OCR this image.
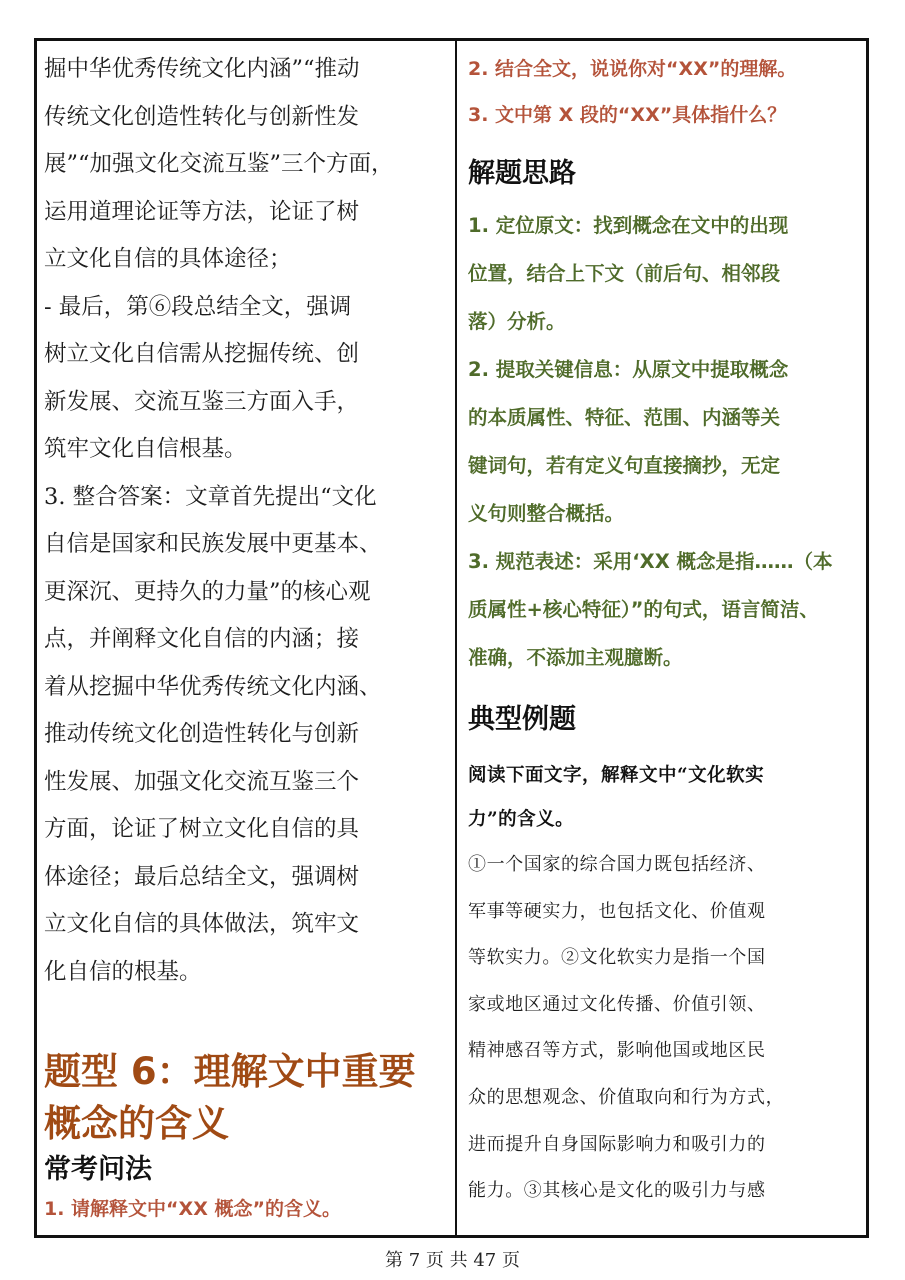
掘中华优秀传统文化内涵”“推动

传统文化创造性转化与创新性发

展”“加强文化交流互鉴”三个方面，

运用道理论证等方法，论证了树

立文化自信的具体途径；

- 最后，第⑥段总结全文，强调

树立文化自信需从挖掘传统、创

新发展、交流互鉴三方面入手，

筑牢文化自信根基。

3. 整合答案：文章首先提出“文化

自信是国家和民族发展中更基本、

更深沉、更持久的力量”的核心观

点，并阐释文化自信的内涵；接

着从挖掘中华优秀传统文化内涵、

推动传统文化创造性转化与创新

性发展、加强文化交流互鉴三个

方面，论证了树立文化自信的具

体途径；最后总结全文，强调树

立文化自信的具体做法，筑牢文

化自信的根基。

题型 6：理解文中重要

概念的含义

常考问法

1. 请解释文中“XX 概念”的含义。

2. 结合全文，说说你对“XX”的理解。

3. 文中第 X 段的“XX”具体指什么？

解题思路

1. 定位原文：找到概念在文中的出现

位置，结合上下文（前后句、相邻段

落）分析。

2. 提取关键信息：从原文中提取概念

的本质属性、特征、范围、内涵等关

键词句，若有定义句直接摘抄，无定

义句则整合概括。

3. 规范表述：采用‘XX 概念是指……（本

质属性+核心特征）”的句式，语言简洁、

准确，不添加主观臆断。

典型例题

阅读下面文字，解释文中“文化软实

力”的含义。

①一个国家的综合国力既包括经济、

军事等硬实力，也包括文化、价值观

等软实力。②文化软实力是指一个国

家或地区通过文化传播、价值引领、

精神感召等方式，影响他国或地区民

众的思想观念、价值取向和行为方式，

进而提升自身国际影响力和吸引力的

能力。③其核心是文化的吸引力与感

第 7 页 共 47 页
